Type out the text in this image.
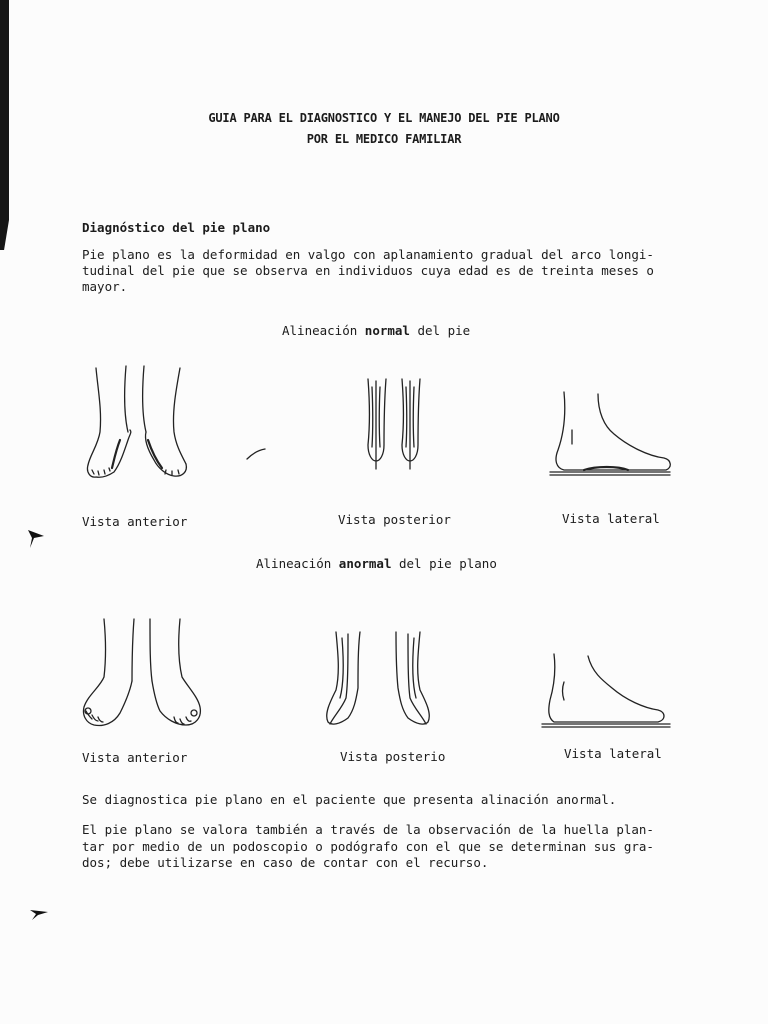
GUIA PARA EL DIAGNOSTICO Y EL MANEJO DEL PIE PLANO
POR EL MEDICO FAMILIAR
Diagnóstico del pie plano
Pie plano es la deformidad en valgo con aplanamiento gradual del arco longi-
tudinal del pie que se observa en individuos cuya edad es de treinta meses o
mayor.
Alineación normal del pie
Vista anterior	Vista posterior	Vista lateral
Alineación anormal del pie plano
Vista anterior	Vista posterio	Vista lateral
Se diagnostica pie plano en el paciente que presenta alinación anormal.
El pie plano se valora también a través de la observación de la huella plan-
tar por medio de un podoscopio o podógrafo con el que se determinan sus gra-
dos; debe utilizarse en caso de contar con el recurso.
